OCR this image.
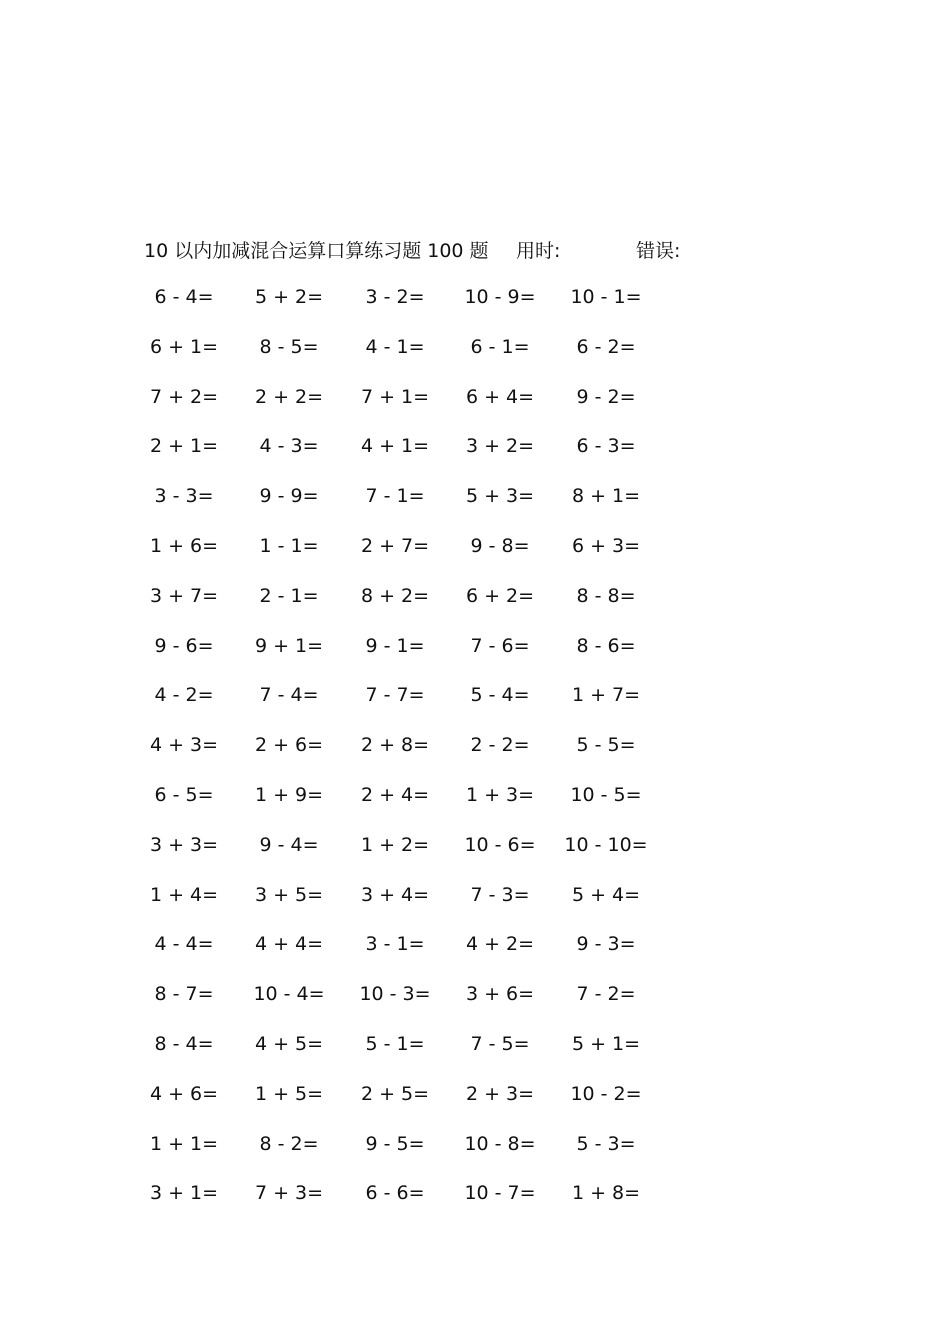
10 以内加减混合运算口算练习题 100 题 用时:	错误:
6 - 4= 5 + 2= 3 - 2= 10 - 9= 10 - 1=
6 + 1= 8 - 5= 4 - 1= 6 - 1= 6 - 2=
7 + 2= 2 + 2= 7 + 1= 6 + 4= 9 - 2=
2 + 1= 4 - 3= 4 + 1= 3 + 2= 6 - 3=
3 - 3= 9 - 9= 7 - 1= 5 + 3= 8 + 1=
1 + 6= 1 - 1= 2 + 7= 9 - 8= 6 + 3=
3 + 7= 2 - 1= 8 + 2= 6 + 2= 8 - 8=
9 - 6= 9 + 1= 9 - 1= 7 - 6= 8 - 6=
4 - 2= 7 - 4= 7 - 7= 5 - 4= 1 + 7=
4 + 3= 2 + 6= 2 + 8= 2 - 2= 5 - 5=
6 - 5= 1 + 9= 2 + 4= 1 + 3= 10 - 5=
3 + 3= 9 - 4= 1 + 2= 10 - 6= 10 - 10=
1 + 4= 3 + 5= 3 + 4= 7 - 3= 5 + 4=
4 - 4= 4 + 4= 3 - 1= 4 + 2= 9 - 3=
8 - 7= 10 - 4= 10 - 3= 3 + 6= 7 - 2=
8 - 4= 4 + 5= 5 - 1= 7 - 5= 5 + 1=
4 + 6= 1 + 5= 2 + 5= 2 + 3= 10 - 2=
1 + 1= 8 - 2= 9 - 5= 10 - 8= 5 - 3=
3 + 1= 7 + 3= 6 - 6= 10 - 7= 1 + 8=
